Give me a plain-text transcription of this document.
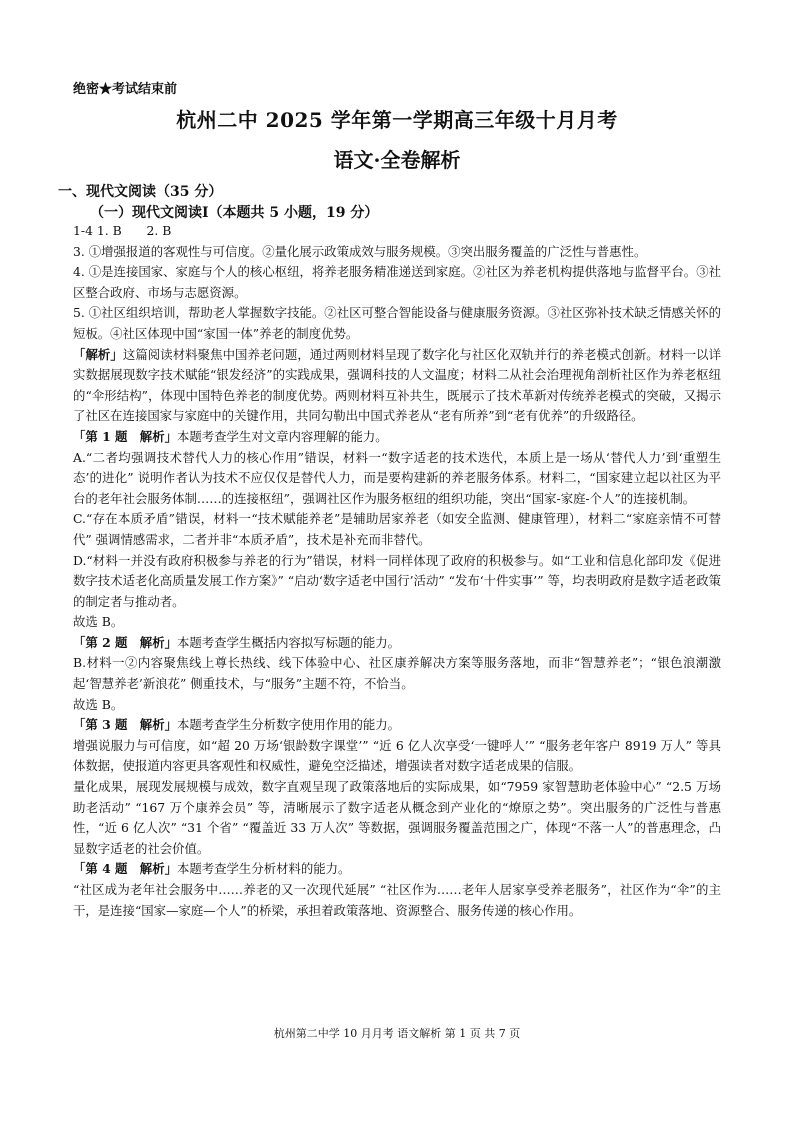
绝密★考试结束前
杭州二中 2025 学年第一学期高三年级十月月考
语文·全卷解析
一、现代文阅读（35 分）
（一）现代文阅读Ⅰ（本题共 5 小题，19 分）

1-4 1. B　　2. B

3. ①增强报道的客观性与可信度。②量化展示政策成效与服务规模。③突出服务覆盖的广泛性与普惠性。

4. ①是连接国家、家庭与个人的核心枢纽，将养老服务精准递送到家庭。②社区为养老机构提供落地与监督平台。③社区整合政府、市场与志愿资源。

5. ①社区组织培训，帮助老人掌握数字技能。②社区可整合智能设备与健康服务资源。③社区弥补技术缺乏情感关怀的短板。④社区体现中国“家国一体”养老的制度优势。

「解析」这篇阅读材料聚焦中国养老问题，通过两则材料呈现了数字化与社区化双轨并行的养老模式创新。材料一以详实数据展现数字技术赋能“银发经济”的实践成果，强调科技的人文温度；材料二从社会治理视角剖析社区作为养老枢纽的“伞形结构”，体现中国特色养老的制度优势。两则材料互补共生，既展示了技术革新对传统养老模式的突破，又揭示了社区在连接国家与家庭中的关键作用，共同勾勒出中国式养老从“老有所养”到“老有优养”的升级路径。

「第 1 题　解析」本题考查学生对文章内容理解的能力。

A.“二者均强调技术替代人力的核心作用”错误，材料一“数字适老的技术迭代，本质上是一场从‘替代人力’到‘重塑生态’的进化” 说明作者认为技术不应仅仅是替代人力，而是要构建新的养老服务体系。材料二，“国家建立起以社区为平台的老年社会服务体制……的连接枢纽”，强调社区作为服务枢纽的组织功能，突出“国家-家庭-个人”的连接机制。

C.“存在本质矛盾”错误，材料一“技术赋能养老”是辅助居家养老（如安全监测、健康管理），材料二“家庭亲情不可替代” 强调情感需求，二者并非“本质矛盾”，技术是补充而非替代。

D.“材料一并没有政府积极参与养老的行为”错误，材料一同样体现了政府的积极参与。如“工业和信息化部印发《促进数字技术适老化高质量发展工作方案》” “启动‘数字适老中国行’活动” “发布‘十件实事’” 等，均表明政府是数字适老政策的制定者与推动者。

故选 B。

「第 2 题　解析」本题考查学生概括内容拟写标题的能力。

B.材料一②内容聚焦线上尊长热线、线下体验中心、社区康养解决方案等服务落地，而非“智慧养老”；“银色浪潮激起‘智慧养老’新浪花” 侧重技术，与“服务”主题不符，不恰当。

故选 B。

「第 3 题　解析」本题考查学生分析数字使用作用的能力。

增强说服力与可信度，如“超 20 万场‘银龄数字课堂’” “近 6 亿人次享受‘一键呼人’” “服务老年客户 8919 万人” 等具体数据，使报道内容更具客观性和权威性，避免空泛描述，增强读者对数字适老成果的信服。

量化成果，展现发展规模与成效，数字直观呈现了政策落地后的实际成果，如“7959 家智慧助老体验中心” “2.5 万场助老活动” “167 万个康养会员” 等，清晰展示了数字适老从概念到产业化的“燎原之势”。突出服务的广泛性与普惠性，“近 6 亿人次” “31 个省” “覆盖近 33 万人次” 等数据，强调服务覆盖范围之广，体现“不落一人”的普惠理念，凸显数字适老的社会价值。

「第 4 题　解析」本题考查学生分析材料的能力。

“社区成为老年社会服务中……养老的又一次现代延展” “社区作为……老年人居家享受养老服务”，社区作为“伞”的主干，是连接“国家—家庭—个人”的桥梁，承担着政策落地、资源整合、服务传递的核心作用。

杭州第二中学 10 月月考 语文解析 第 1 页 共 7 页
